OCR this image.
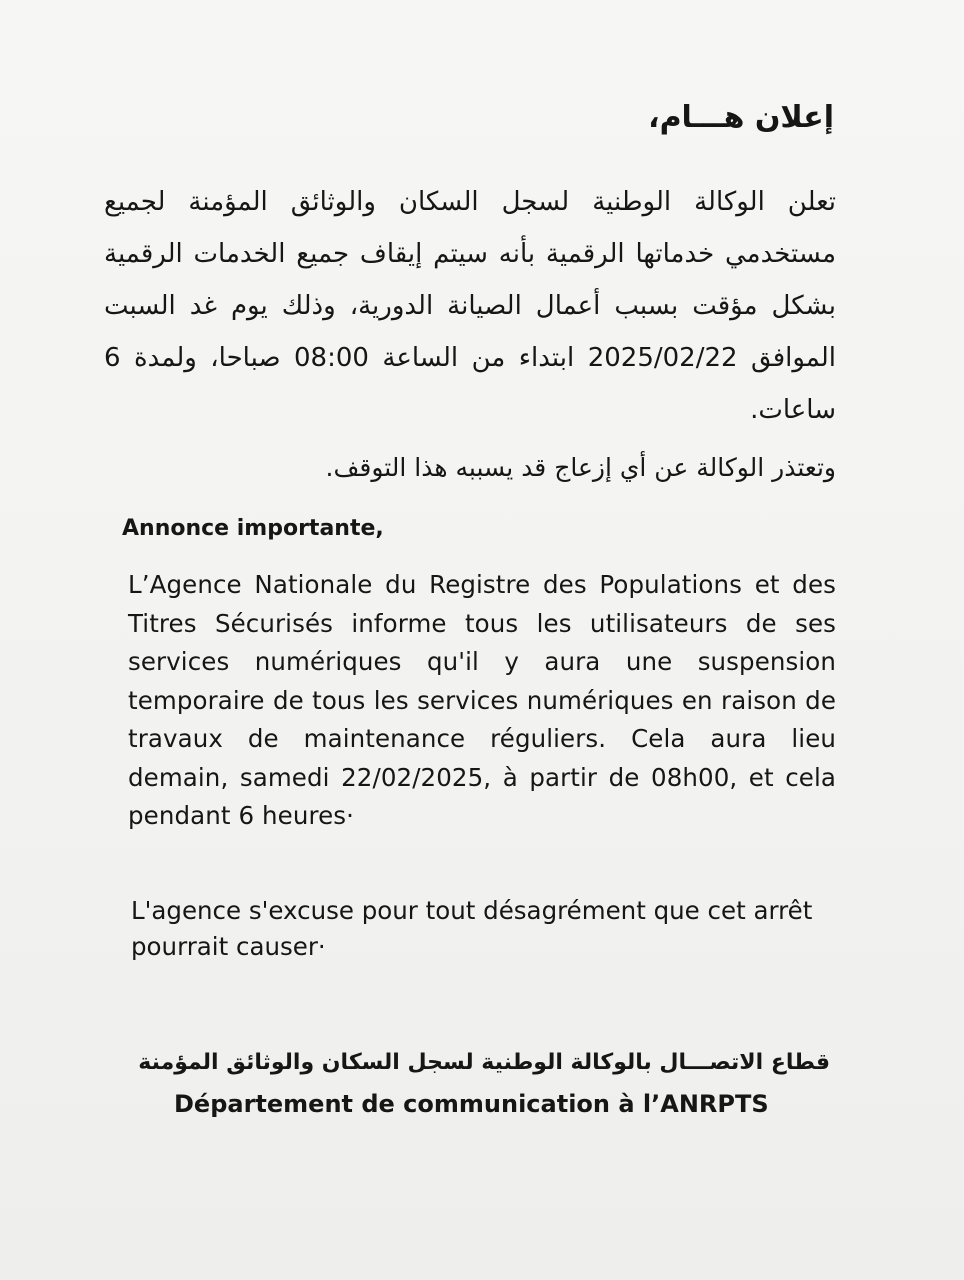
إعلان هـــام،

تعلن الوكالة الوطنية لسجل السكان والوثائق المؤمنة لجميع مستخدمي خدماتها الرقمية بأنه سيتم إيقاف جميع الخدمات الرقمية بشكل مؤقت بسبب أعمال الصيانة الدورية، وذلك يوم غد السبت الموافق 2025/02/22 ابتداء من الساعة 08:00 صباحا، ولمدة 6 ساعات.

وتعتذر الوكالة عن أي إزعاج قد يسببه هذا التوقف.

Annonce importante,

L’Agence Nationale du Registre des Populations et des Titres Sécurisés informe tous les utilisateurs de ses services numériques qu'il y aura une suspension temporaire de tous les services numériques en raison de travaux de maintenance réguliers. Cela aura lieu demain, samedi 22/02/2025, à partir de 08h00, et cela pendant 6 heures·

L'agence s'excuse pour tout désagrément que cet arrêt pourrait causer·

قطاع الاتصـــال بالوكالة الوطنية لسجل السكان والوثائق المؤمنة
Département de communication à l’ANRPTS
